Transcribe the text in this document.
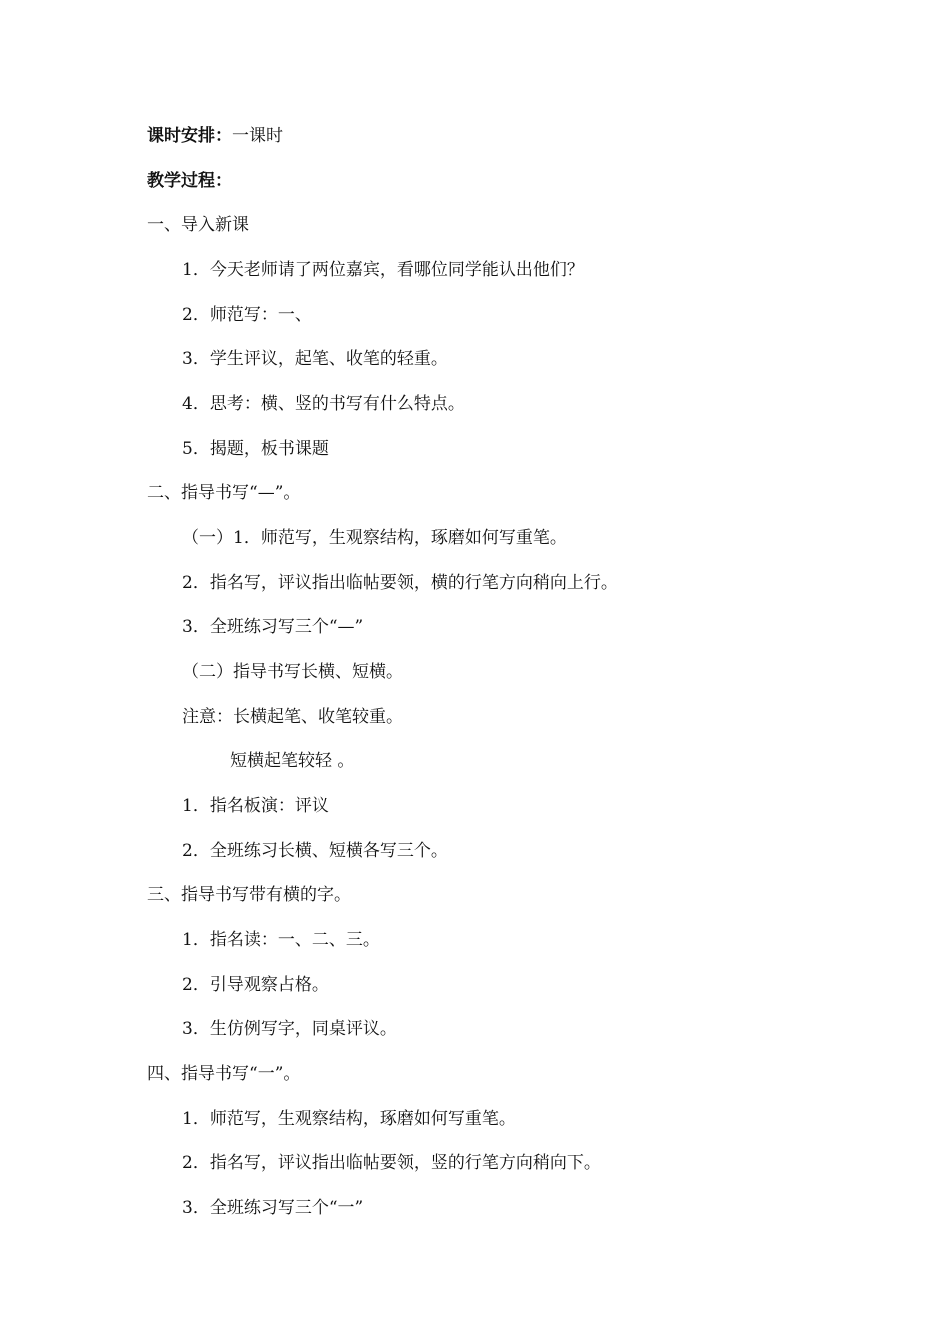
课时安排：一课时
教学过程：
一、导入新课
1．今天老师请了两位嘉宾，看哪位同学能认出他们？
2．师范写：一、
3．学生评议，起笔、收笔的轻重。
4．思考：横、竖的书写有什么特点。
5．揭题，板书课题
二、指导书写“—”。
（一）1．师范写，生观察结构，琢磨如何写重笔。
2．指名写，评议指出临帖要领，横的行笔方向稍向上行。
3．全班练习写三个“—”
（二）指导书写长横、短横。
注意：长横起笔、收笔较重。
短横起笔较轻 。
1．指名板演：评议
2．全班练习长横、短横各写三个。
三、指导书写带有横的字。
1．指名读：一、二、三。
2．引导观察占格。
3．生仿例写字，同桌评议。
四、指导书写“一”。
1．师范写，生观察结构，琢磨如何写重笔。
2．指名写，评议指出临帖要领，竖的行笔方向稍向下。
3．全班练习写三个“一”
